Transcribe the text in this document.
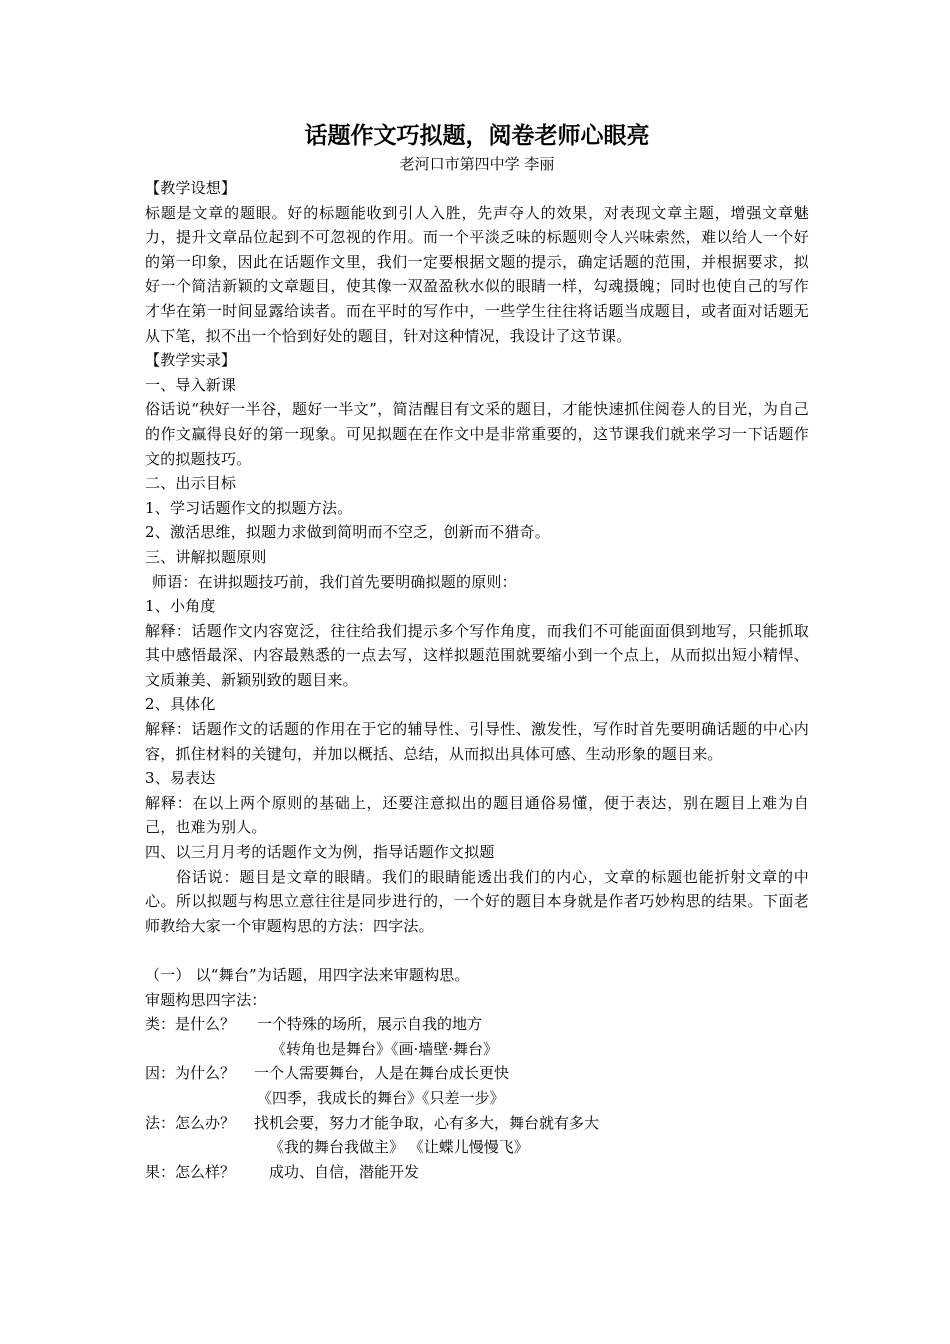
话题作文巧拟题，阅卷老师心眼亮
老河口市第四中学 李丽
【教学设想】
标题是文章的题眼。好的标题能收到引人入胜，先声夺人的效果，对表现文章主题，增强文章魅力，提升文章品位起到不可忽视的作用。而一个平淡乏味的标题则令人兴味索然，难以给人一个好的第一印象，因此在话题作文里，我们一定要根据文题的提示，确定话题的范围，并根据要求，拟好一个简洁新颖的文章题目，使其像一双盈盈秋水似的眼睛一样，勾魂摄魄；同时也使自己的写作才华在第一时间显露给读者。而在平时的写作中，一些学生往往将话题当成题目，或者面对话题无从下笔，拟不出一个恰到好处的题目，针对这种情况，我设计了这节课。
【教学实录】
一、导入新课
俗话说“秧好一半谷，题好一半文”，简洁醒目有文采的题目，才能快速抓住阅卷人的目光，为自己的作文赢得良好的第一现象。可见拟题在在作文中是非常重要的，这节课我们就来学习一下话题作文的拟题技巧。
二、出示目标
1、学习话题作文的拟题方法。
2、激活思维，拟题力求做到简明而不空乏，创新而不猎奇。
三、讲解拟题原则
师语：在讲拟题技巧前，我们首先要明确拟题的原则：
1、小角度
解释：话题作文内容宽泛，往往给我们提示多个写作角度，而我们不可能面面俱到地写，只能抓取其中感悟最深、内容最熟悉的一点去写，这样拟题范围就要缩小到一个点上，从而拟出短小精悍、文质兼美、新颖别致的题目来。
2、具体化
解释：话题作文的话题的作用在于它的辅导性、引导性、激发性，写作时首先要明确话题的中心内容，抓住材料的关键句，并加以概括、总结，从而拟出具体可感、生动形象的题目来。
3、易表达
解释：在以上两个原则的基础上，还要注意拟出的题目通俗易懂，便于表达，别在题目上难为自己，也难为别人。
四、以三月月考的话题作文为例，指导话题作文拟题
俗话说：题目是文章的眼睛。我们的眼睛能透出我们的内心，文章的标题也能折射文章的中心。所以拟题与构思立意往往是同步进行的，一个好的题目本身就是作者巧妙构思的结果。下面老师教给大家一个审题构思的方法：四字法。
（一） 以“舞台”为话题，用四字法来审题构思。
审题构思四字法：
类：是什么？ 一个特殊的场所，展示自我的地方
《转角也是舞台》《画·墙壁·舞台》
因：为什么？ 一个人需要舞台，人是在舞台成长更快
《四季，我成长的舞台》《只差一步》
法：怎么办？ 找机会要，努力才能争取，心有多大，舞台就有多大
《我的舞台我做主》 《让蝶儿慢慢飞》
果：怎么样？ 成功、自信，潜能开发
